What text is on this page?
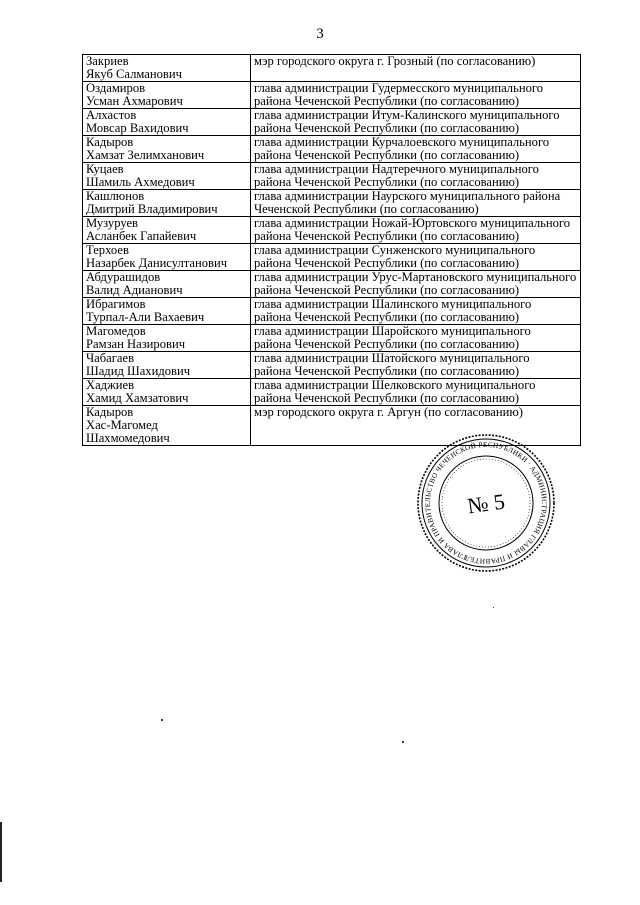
3
Закриев
Якуб Салманович	мэр городского округа г. Грозный (по согласованию)

Оздамиров
Усман Ахмарович	глава администрации Гудермесского муниципального
района Чеченской Республики (по согласованию)

Алхастов
Мовсар Вахидович	глава администрации Итум-Калинского муниципального
района Чеченской Республики (по согласованию)

Кадыров
Хамзат Зелимханович	глава администрации Курчалоевского муниципального
района Чеченской Республики (по согласованию)

Куцаев
Шамиль Ахмедович	глава администрации Надтеречного муниципального
района Чеченской Республики (по согласованию)

Кашлюнов
Дмитрий Владимирович	глава администрации Наурского муниципального района
Чеченской Республики (по согласованию)

Музуруев
Асланбек Гапайевич	глава администрации Ножай-Юртовского муниципального
района Чеченской Республики (по согласованию)

Терхоев
Назарбек Данисултанович	глава администрации Сунженского муниципального
района Чеченской Республики (по согласованию)

Абдурашидов
Валид Адианович	глава администрации Урус-Мартановского муниципального
района Чеченской Республики (по согласованию)

Ибрагимов
Турпал-Али Вахаевич	глава администрации Шалинского муниципального
района Чеченской Республики (по согласованию)

Магомедов
Рамзан Назирович	глава администрации Шаройского муниципального
района Чеченской Республики (по согласованию)

Чабагаев
Шадид Шахидович	глава администрации Шатойского муниципального
района Чеченской Республики (по согласованию)

Хаджиев
Хамид Хамзатович	глава администрации Шелковского муниципального
района Чеченской Республики (по согласованию)

Кадыров
Хас-Магомед
Шахмомедович	мэр городского округа г. Аргун (по согласованию)
ГЛАВА И ПРАВИТЕЛЬСТВО ЧЕЧЕНСКОЙ РЕСПУБЛИКИ · АДМИНИСТРАЦИЯ ГЛАВЫ И ПРАВИТЕЛЬСТВА
№ 5
